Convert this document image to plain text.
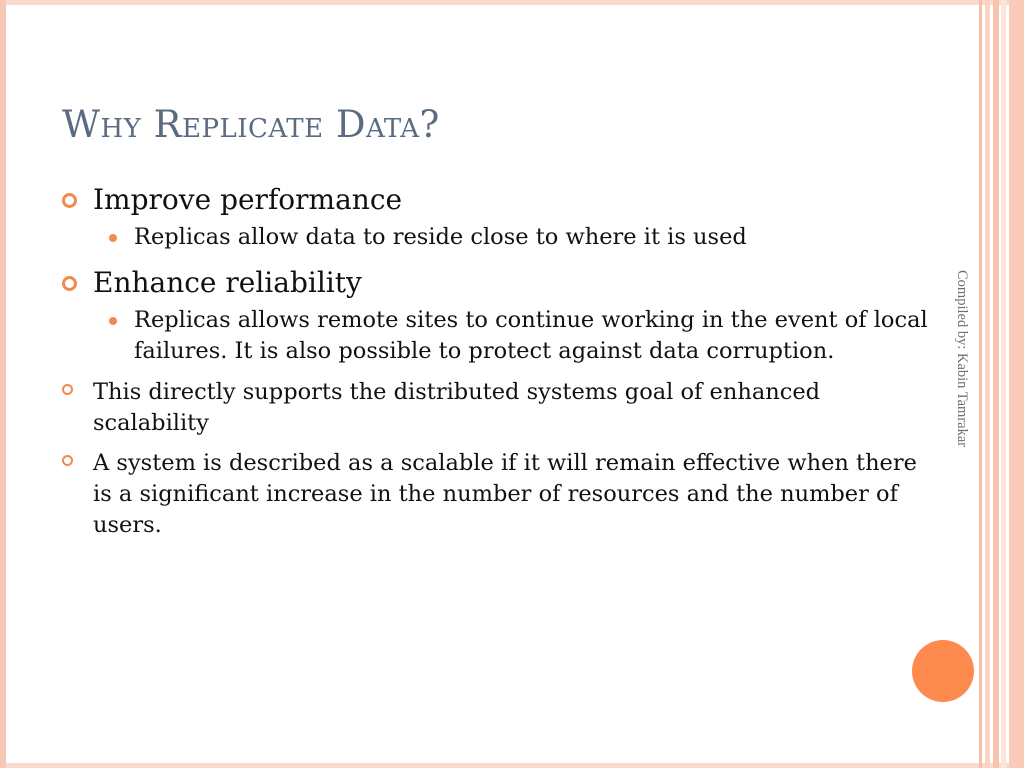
Why Replicate Data?
Improve performance
Replicas allow data to reside close to where it is used
Enhance reliability
Replicas allows remote sites to continue working in the event of local failures. It is also possible to protect against data corruption.
This directly supports the distributed systems goal of enhanced scalability
A system is described as a scalable if it will remain effective when there is a significant increase in the number of resources and the number of users.
Compiled by: Kabin Tamrakar
